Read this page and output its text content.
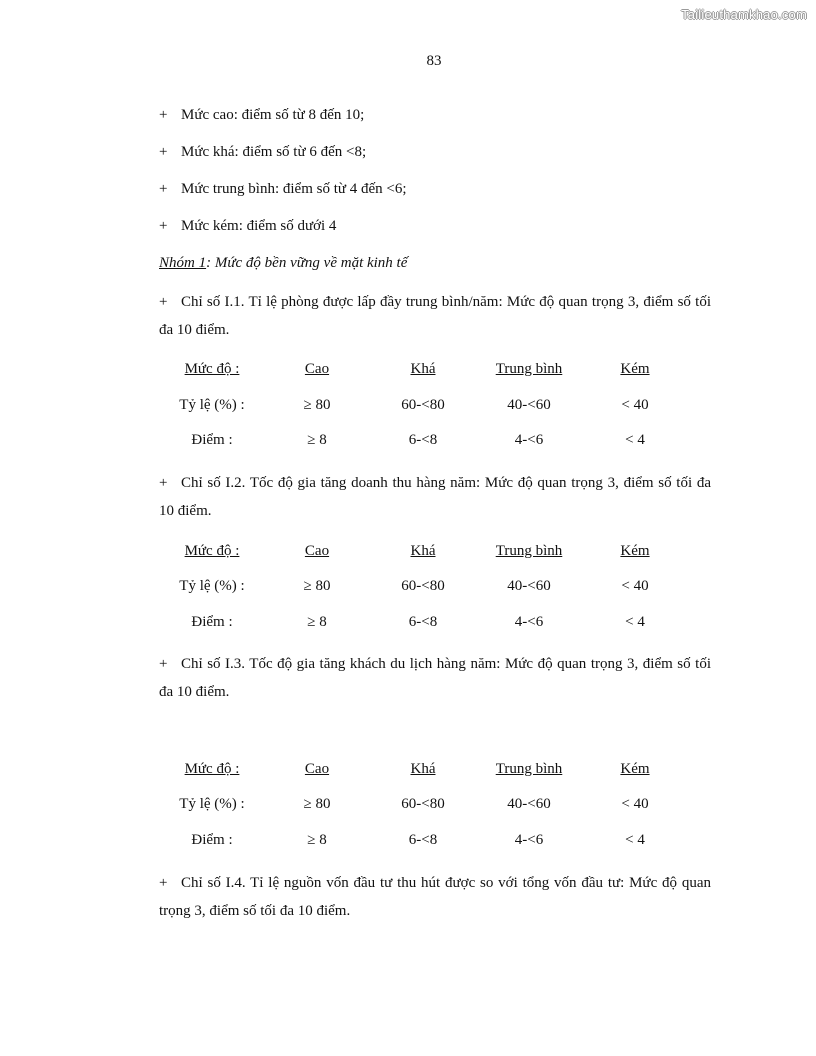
Tailieuthamkhao.com
83
+ Mức cao: điểm số từ 8 đến 10;
+ Mức khá: điểm số từ 6 đến <8;
+ Mức trung bình: điểm số từ 4 đến <6;
+ Mức kém: điểm số dưới 4
Nhóm 1: Mức độ bền vững về mặt kinh tế
+ Chỉ số I.1. Tỉ lệ phòng được lấp đầy trung bình/năm: Mức độ quan trọng 3, điểm số tối đa 10 điểm.
Mức độ :	Cao	Khá	Trung bình	Kém
Tỷ lệ (%) :	≥ 80	60-<80	40-<60	< 40
Điểm :	≥ 8	6-<8	4-<6	< 4
+ Chỉ số I.2. Tốc độ gia tăng doanh thu hàng năm: Mức độ quan trọng 3, điểm số tối đa 10 điểm.
Mức độ :	Cao	Khá	Trung bình	Kém
Tỷ lệ (%) :	≥ 80	60-<80	40-<60	< 40
Điểm :	≥ 8	6-<8	4-<6	< 4
+ Chỉ số I.3. Tốc độ gia tăng khách du lịch hàng năm: Mức độ quan trọng 3, điểm số tối đa 10 điểm.
Mức độ :	Cao	Khá	Trung bình	Kém
Tỷ lệ (%) :	≥ 80	60-<80	40-<60	< 40
Điểm :	≥ 8	6-<8	4-<6	< 4
+ Chỉ số I.4. Tỉ lệ nguồn vốn đầu tư thu hút được so với tổng vốn đầu tư: Mức độ quan trọng 3, điểm số tối đa 10 điểm.
